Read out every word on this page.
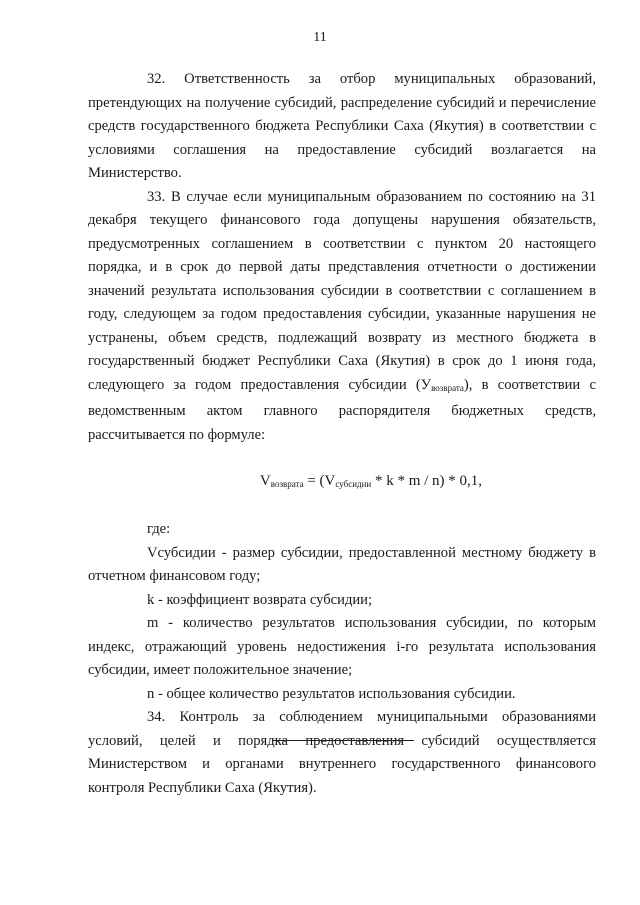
11

32. Ответственность за отбор муниципальных образований, претендующих на получение субсидий, распределение субсидий и перечисление средств государственного бюджета Республики Саха (Якутия) в соответствии с условиями соглашения на предоставление субсидий возлагается на Министерство.

33. В случае если муниципальным образованием по состоянию на 31 декабря текущего финансового года допущены нарушения обязательств, предусмотренных соглашением в соответствии с пунктом 20 настоящего порядка, и в срок до первой даты представления отчетности о достижении значений результата использования субсидии в соответствии с соглашением в году, следующем за годом предоставления субсидии, указанные нарушения не устранены, объем средств, подлежащий возврату из местного бюджета в государственный бюджет Республики Саха (Якутия) в срок до 1 июня года, следующего за годом предоставления субсидии $(У_{возврата})$, в соответствии с ведомственным актом главного распорядителя бюджетных средств, рассчитывается по формуле:

$V_{возврата} = (V_{субсидии} * k * m / n) * 0,1$,

где:

Vсубсидии - размер субсидии, предоставленной местному бюджету в отчетном финансовом году;

k - коэффициент возврата субсидии;

m - количество результатов использования субсидии, по которым индекс, отражающий уровень недостижения i-го результата использования субсидии, имеет положительное значение;

n - общее количество результатов использования субсидии.

34. Контроль за соблюдением муниципальными образованиями условий, целей и порядка предоставления субсидий осуществляется Министерством и органами внутреннего государственного финансового контроля Республики Саха (Якутия).
